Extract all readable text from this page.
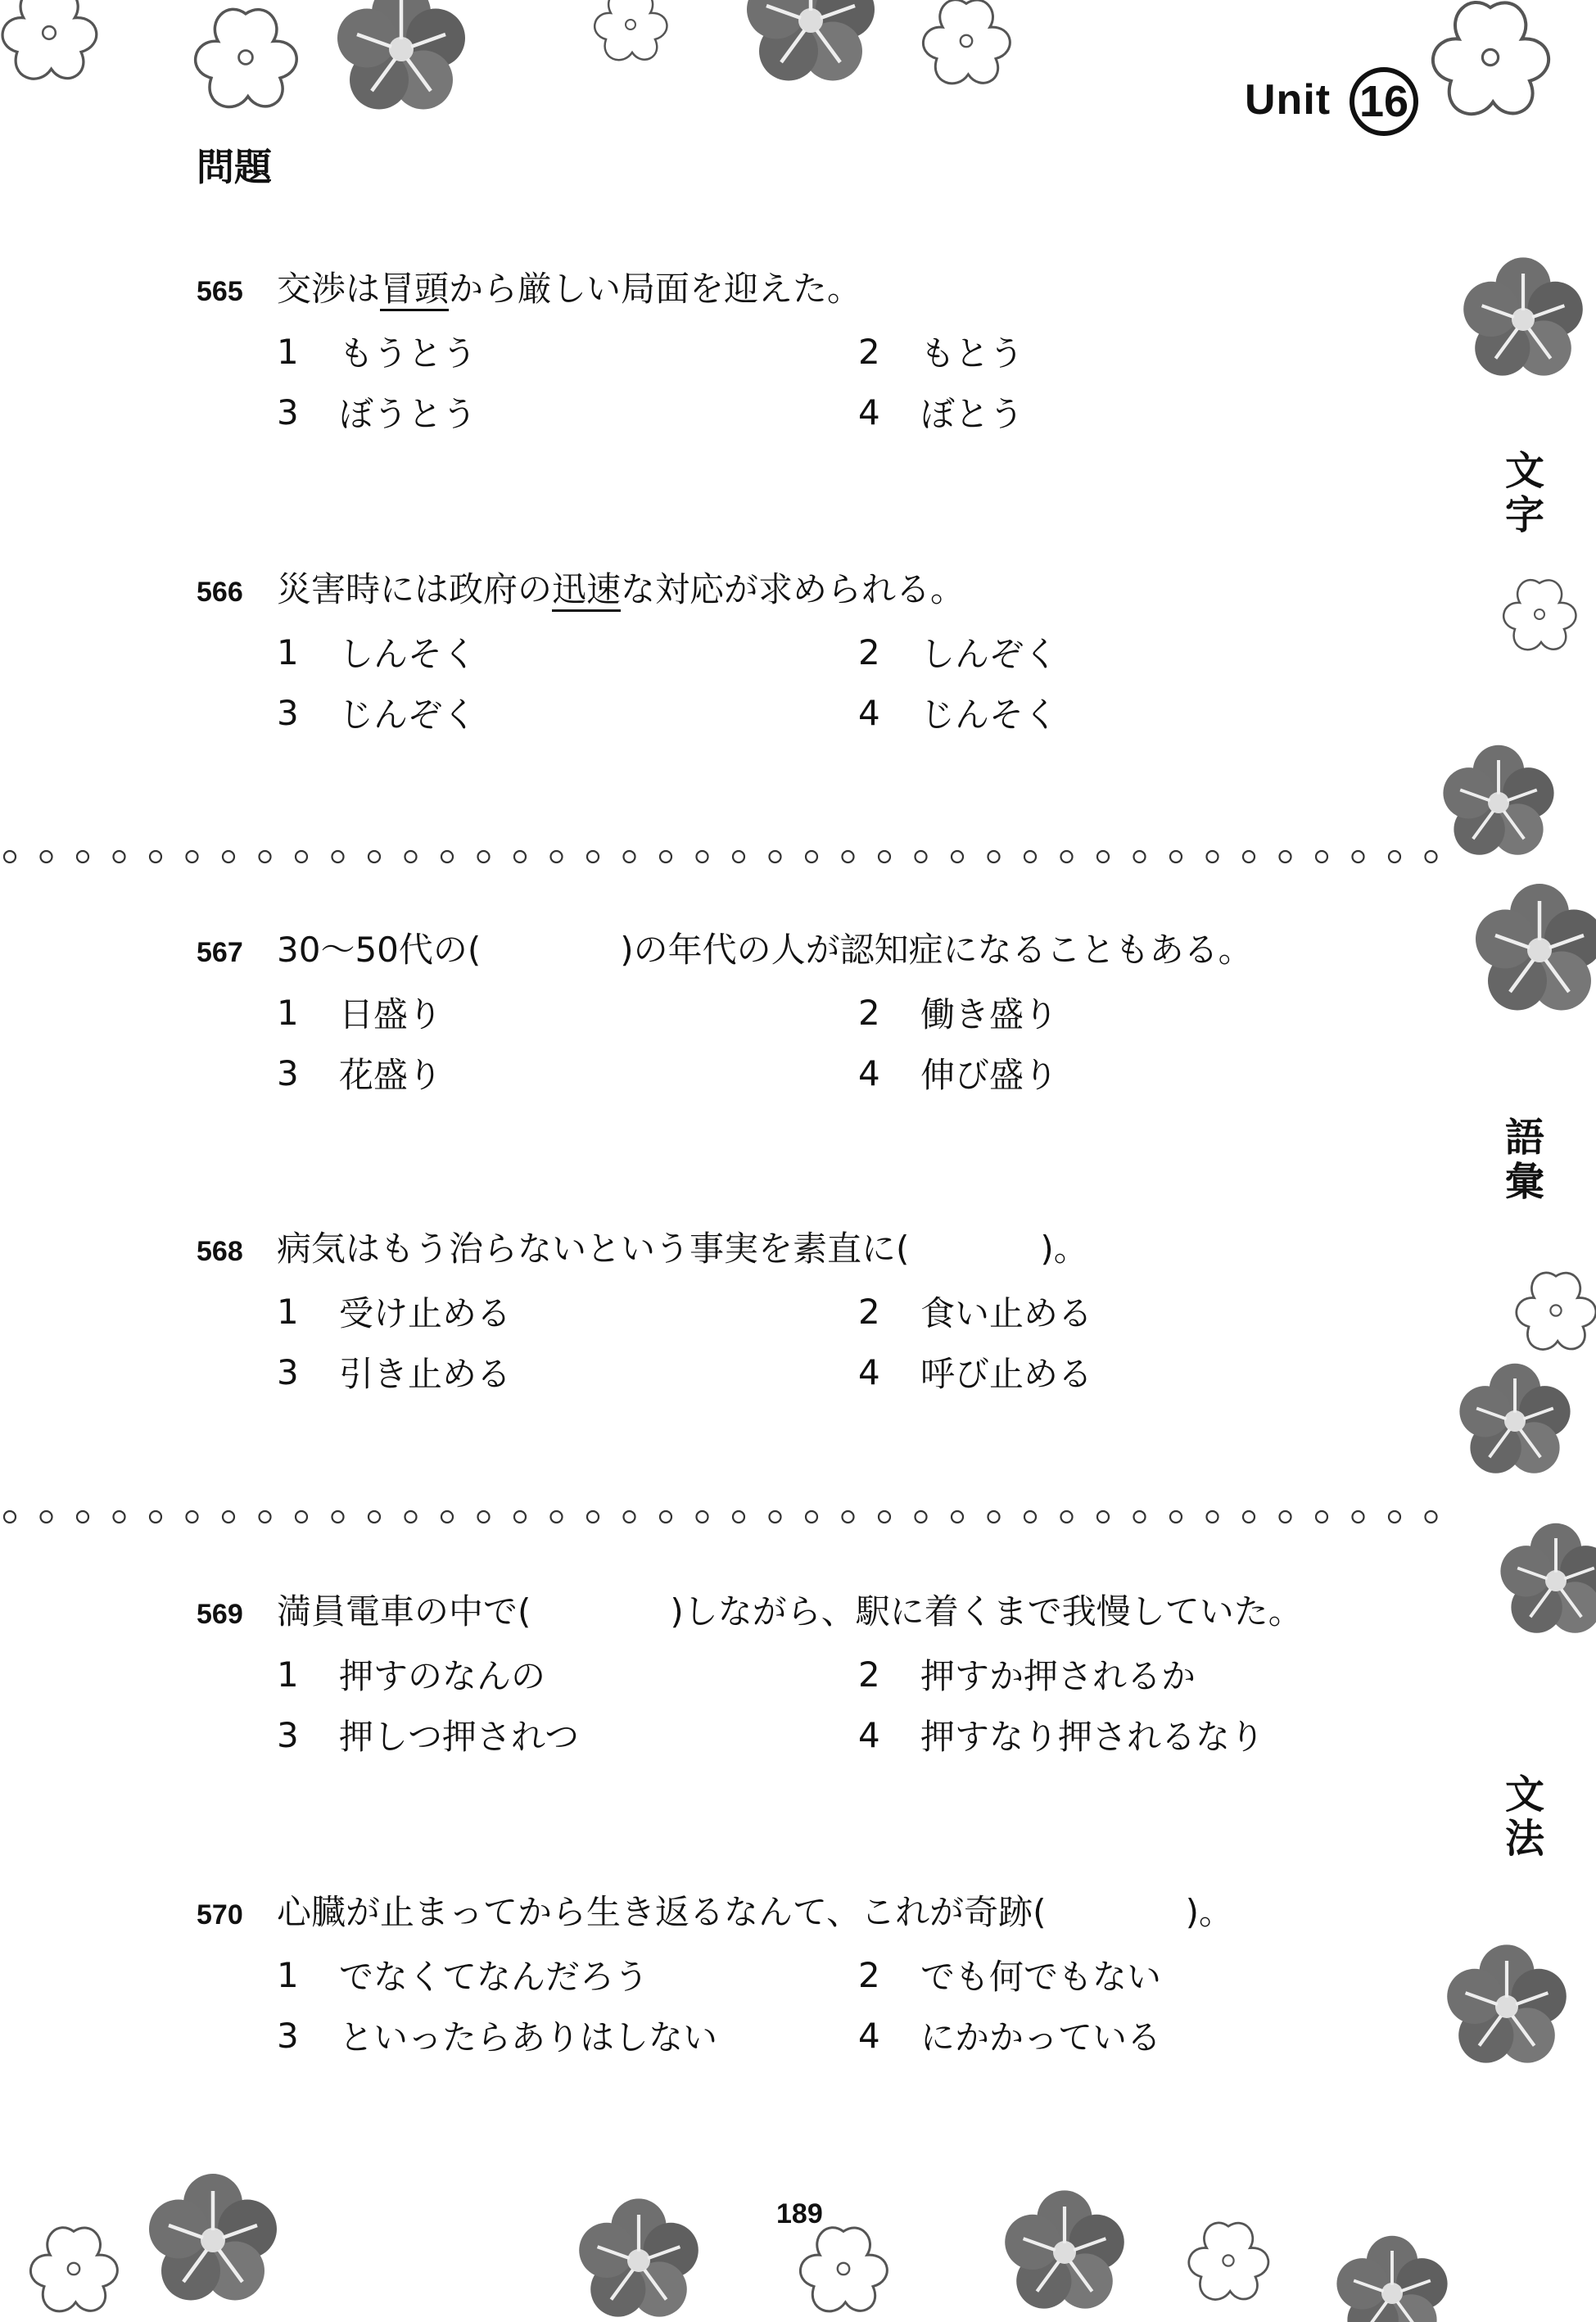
Unit 16
問題
文
字
語
彙
文
法
565 交渉は冒頭から厳しい局面を迎えた。
1	もうとう	2	もとう
3	ぼうとう	4	ぼとう
566 災害時には政府の迅速な対応が求められる。
1	しんそく	2	しんぞく
3	じんぞく	4	じんそく
567 30～50代の(	)の年代の人が認知症になることもある。
1	日盛り	2	働き盛り
3	花盛り	4	伸び盛り
568 病気はもう治らないという事実を素直に(	)。
1	受け止める	2	食い止める
3	引き止める	4	呼び止める
569 満員電車の中で(	)しながら、駅に着くまで我慢していた。
1	押すのなんの	2	押すか押されるか
3	押しつ押されつ	4	押すなり押されるなり
570 心臓が止まってから生き返るなんて、これが奇跡(	)。
1	でなくてなんだろう	2	でも何でもない
3	といったらありはしない	4	にかかっている
189
